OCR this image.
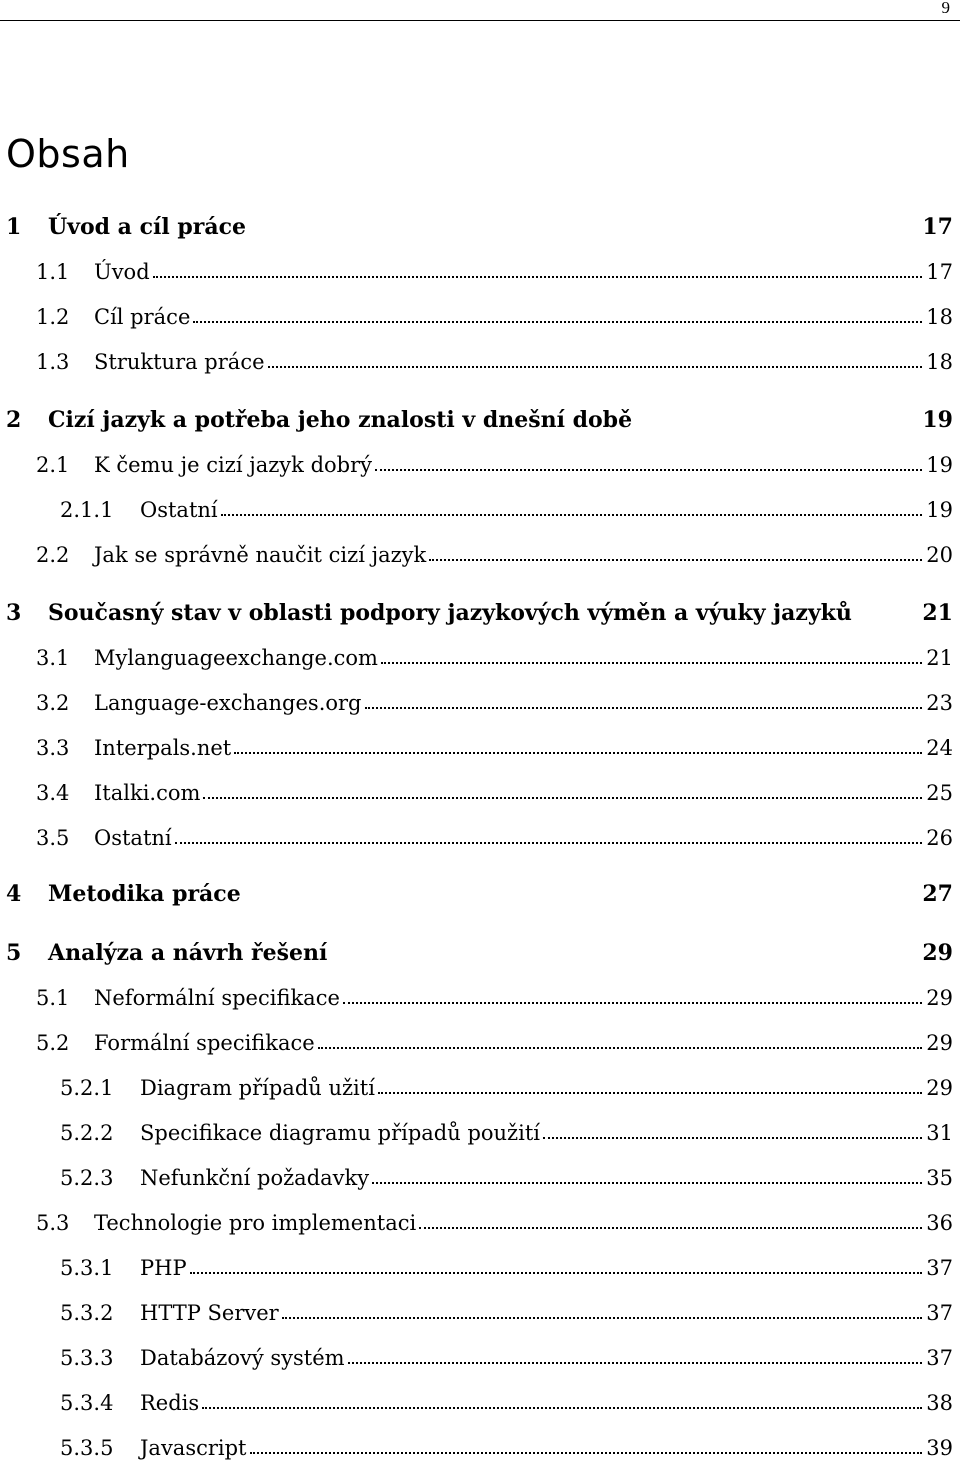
9
Obsah
1 Úvod a cíl práce	17
1.1 Úvod	17
1.2 Cíl práce	18
1.3 Struktura práce	18
2 Cizí jazyk a potřeba jeho znalosti v dnešní době	19
2.1 K čemu je cizí jazyk dobrý	19
2.1.1 Ostatní	19
2.2 Jak se správně naučit cizí jazyk	20
3 Současný stav v oblasti podpory jazykových výměn a výuky jazyků	21
3.1 Mylanguageexchange.com	21
3.2 Language-exchanges.org	23
3.3 Interpals.net	24
3.4 Italki.com	25
3.5 Ostatní	26
4 Metodika práce	27
5 Analýza a návrh řešení	29
5.1 Neformální specifikace	29
5.2 Formální specifikace	29
5.2.1 Diagram případů užití	29
5.2.2 Specifikace diagramu případů použití	31
5.2.3 Nefunkční požadavky	35
5.3 Technologie pro implementaci	36
5.3.1 PHP	37
5.3.2 HTTP Server	37
5.3.3 Databázový systém	37
5.3.4 Redis	38
5.3.5 Javascript	39
